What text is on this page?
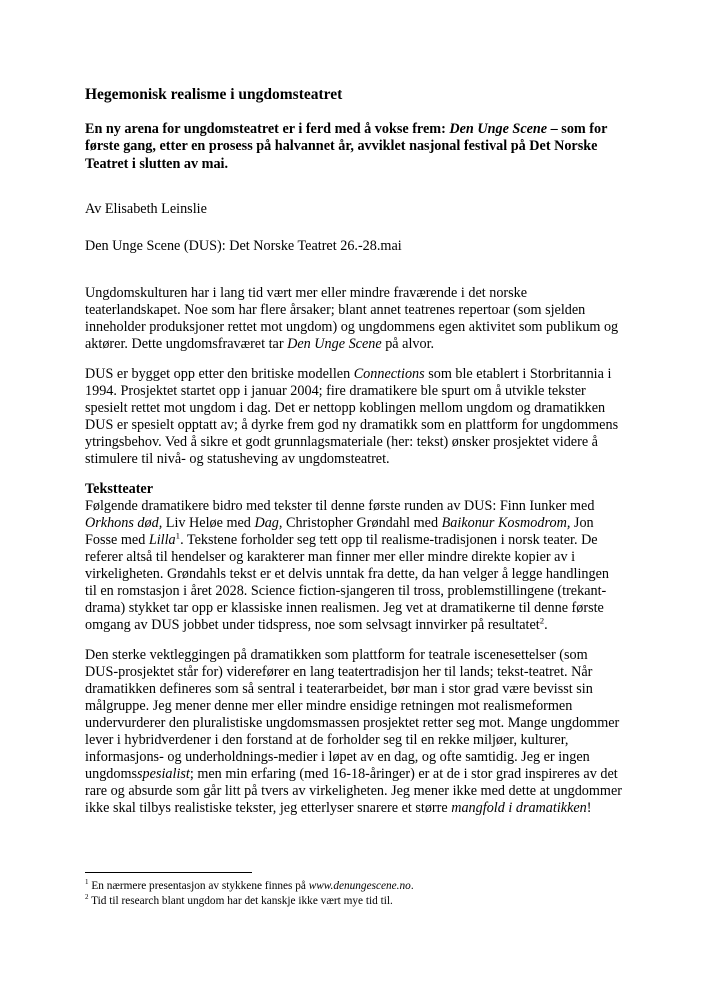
Hegemonisk realisme i ungdomsteatret

En ny arena for ungdomsteatret er i ferd med å vokse frem: Den Unge Scene – som for første gang, etter en prosess på halvannet år, avviklet nasjonal festival på Det Norske Teatret i slutten av mai.

Av Elisabeth Leinslie

Den Unge Scene (DUS): Det Norske Teatret 26.-28.mai

Ungdomskulturen har i lang tid vært mer eller mindre fraværende i det norske teaterlandskapet. Noe som har flere årsaker; blant annet teatrenes repertoar (som sjelden inneholder produksjoner rettet mot ungdom) og ungdommens egen aktivitet som publikum og aktører. Dette ungdomsfraværet tar Den Unge Scene på alvor.

DUS er bygget opp etter den britiske modellen Connections som ble etablert i Storbritannia i 1994. Prosjektet startet opp i januar 2004; fire dramatikere ble spurt om å utvikle tekster spesielt rettet mot ungdom i dag. Det er nettopp koblingen mellom ungdom og dramatikken DUS er spesielt opptatt av; å dyrke frem god ny dramatikk som en plattform for ungdommens ytringsbehov. Ved å sikre et godt grunnlagsmateriale (her: tekst) ønsker prosjektet videre å stimulere til nivå- og statusheving av ungdomsteatret.

Tekstteater

Følgende dramatikere bidro med tekster til denne første runden av DUS: Finn Iunker med Orkhons død, Liv Heløe med Dag, Christopher Grøndahl med Baikonur Kosmodrom, Jon Fosse med Lilla$^1$. Tekstene forholder seg tett opp til realisme-tradisjonen i norsk teater. De referer altså til hendelser og karakterer man finner mer eller mindre direkte kopier av i virkeligheten. Grøndahls tekst er et delvis unntak fra dette, da han velger å legge handlingen til en romstasjon i året 2028. Science fiction-sjangeren til tross, problemstillingene (trekant-drama) stykket tar opp er klassiske innen realismen. Jeg vet at dramatikerne til denne første omgang av DUS jobbet under tidspress, noe som selvsagt innvirker på resultatet$^2$.

Den sterke vektleggingen på dramatikken som plattform for teatrale iscenesettelser (som DUS-prosjektet står for) viderefører en lang teatertradisjon her til lands; tekst-teatret. Når dramatikken defineres som så sentral i teaterarbeidet, bør man i stor grad være bevisst sin målgruppe. Jeg mener denne mer eller mindre ensidige retningen mot realismeformen undervurderer den pluralistiske ungdomsmassen prosjektet retter seg mot. Mange ungdommer lever i hybridverdener i den forstand at de forholder seg til en rekke miljøer, kulturer, informasjons- og underholdnings-medier i løpet av en dag, og ofte samtidig. Jeg er ingen ungdomsspesialist; men min erfaring (med 16-18-åringer) er at de i stor grad inspireres av det rare og absurde som går litt på tvers av virkeligheten. Jeg mener ikke med dette at ungdommer ikke skal tilbys realistiske tekster, jeg etterlyser snarere et større mangfold i dramatikken!

$^1$ En nærmere presentasjon av stykkene finnes på www.denungescene.no.

$^2$ Tid til research blant ungdom har det kanskje ikke vært mye tid til.
